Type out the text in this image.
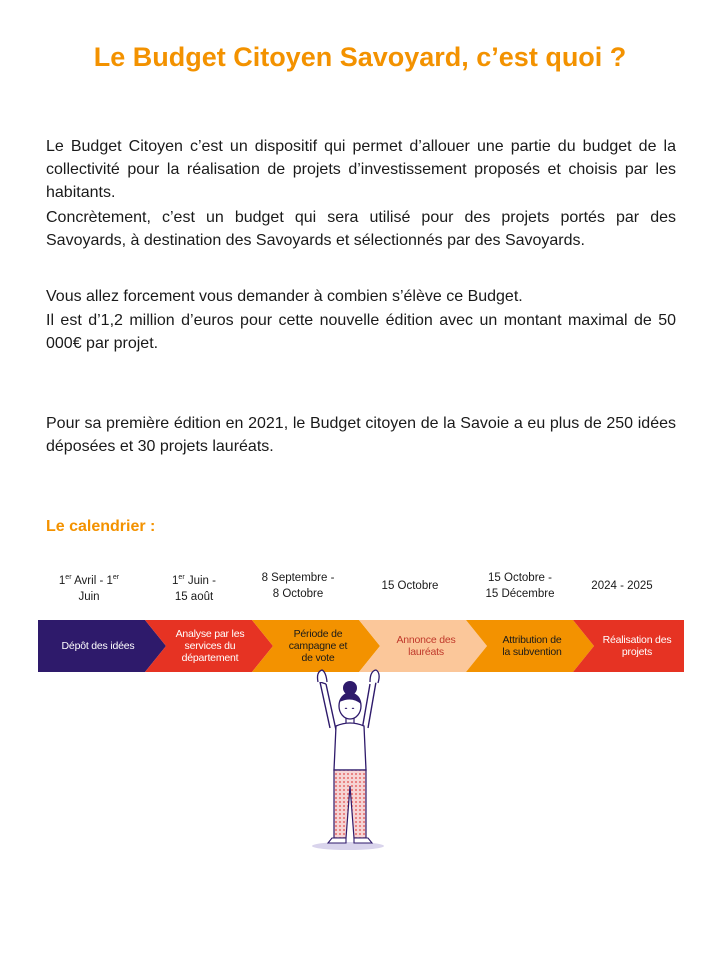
Le Budget Citoyen Savoyard, c’est quoi ?

Le Budget Citoyen c’est un dispositif qui permet d’allouer une partie du budget de la collectivité pour la réalisation de projets d’investissement proposés et choisis par les habitants.

Concrètement, c’est un budget qui sera utilisé pour des projets portés par des Savoyards, à destination des Savoyards et sélectionnés par des Savoyards.

Vous allez forcement vous demander à combien s’élève ce Budget.

Il est d’1,2 million d’euros pour cette nouvelle édition avec un montant maximal de 50 000€ par projet.

Pour sa première édition en 2021, le Budget citoyen de la Savoie a eu plus de 250 idées déposées et 30 projets lauréats.

Le calendrier :

1er Avril - 1er
Juin
1er Juin -
15 août
8 Septembre -
8 Octobre
15 Octobre
15 Octobre -
15 Décembre
2024 - 2025
Dépôt des idées
Analyse par les
services du
département
Période de
campagne et
de vote
Annonce des
lauréats
Attribution de
la subvention
Réalisation des
projets
